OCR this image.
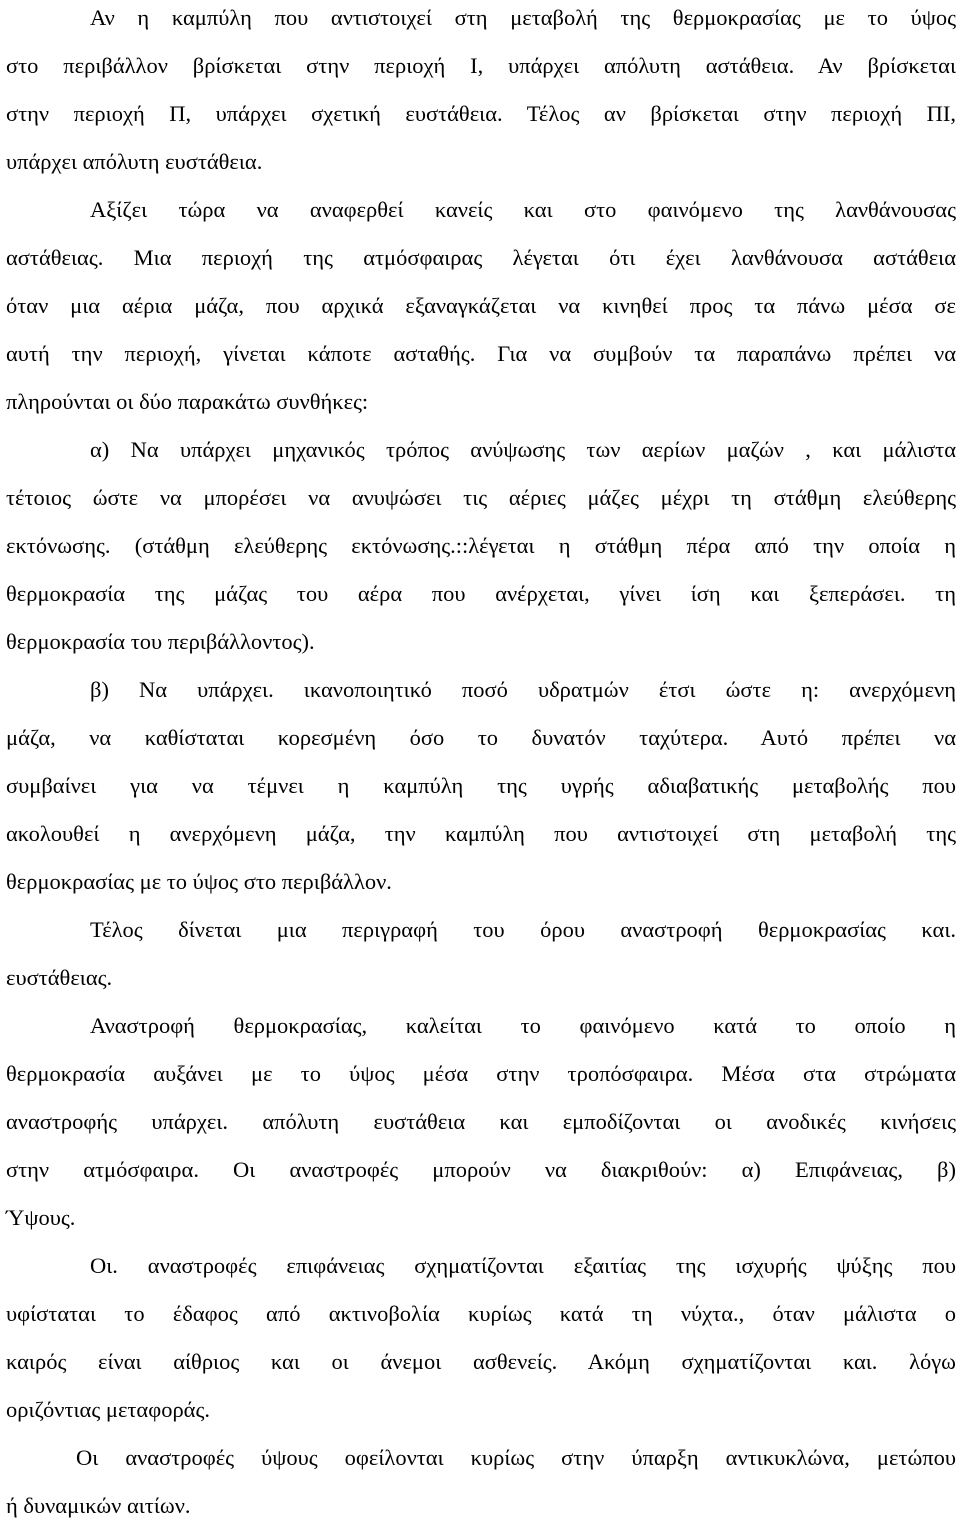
Αν η καμπύλη που αντιστοιχεί στη μεταβολή της θερμοκρασίας με το ύψος
στο περιβάλλον βρίσκεται στην περιοχή Ι, υπάρχει απόλυτη αστάθεια. Αν βρίσκεται
στην περιοχή Π, υπάρχει σχετική ευστάθεια. Τέλος αν βρίσκεται στην περιοχή ΠΙ,
υπάρχει απόλυτη ευστάθεια.
Αξίζει τώρα να αναφερθεί κανείς και στο φαινόμενο της λανθάνουσας
αστάθειας. Μια περιοχή της ατμόσφαιρας λέγεται ότι έχει λανθάνουσα αστάθεια
όταν μια αέρια μάζα, που αρχικά εξαναγκάζεται να κινηθεί προς τα πάνω μέσα σε
αυτή την περιοχή, γίνεται κάποτε ασταθής. Για να συμβούν τα παραπάνω πρέπει να
πληρούνται οι δύο παρακάτω συνθήκες:
α) Να υπάρχει μηχανικός τρόπος ανύψωσης των αερίων μαζών , και μάλιστα
τέτοιος ώστε να μπορέσει να ανυψώσει τις αέριες μάζες μέχρι τη στάθμη ελεύθερης
εκτόνωσης. (στάθμη ελεύθερης εκτόνωσης.::λέγεται η στάθμη πέρα από την οποία η
θερμοκρασία της μάζας του αέρα που ανέρχεται, γίνει ίση και ξεπεράσει. τη
θερμοκρασία του περιβάλλοντος).
β) Να υπάρχει. ικανοποιητικό ποσό υδρατμών έτσι ώστε η: ανερχόμενη
μάζα, να καθίσταται κορεσμένη όσο το δυνατόν ταχύτερα. Αυτό πρέπει να
συμβαίνει για να τέμνει η καμπύλη της υγρής αδιαβατικής μεταβολής που
ακολουθεί η ανερχόμενη μάζα, την καμπύλη που αντιστοιχεί στη μεταβολή της
θερμοκρασίας με το ύψος στο περιβάλλον.
Τέλος δίνεται μια περιγραφή του όρου αναστροφή θερμοκρασίας και.
ευστάθειας.
Αναστροφή θερμοκρασίας, καλείται το φαινόμενο κατά το οποίο η
θερμοκρασία αυξάνει με το ύψος μέσα στην τροπόσφαιρα. Μέσα στα στρώματα
αναστροφής υπάρχει. απόλυτη ευστάθεια και εμποδίζονται οι ανοδικές κινήσεις
στην ατμόσφαιρα. Οι αναστροφές μπορούν να διακριθούν: α) Επιφάνειας, β)
Ύψους.
Οι. αναστροφές επιφάνειας σχηματίζονται εξαιτίας της ισχυρής ψύξης που
υφίσταται το έδαφος από ακτινοβολία κυρίως κατά τη νύχτα., όταν μάλιστα ο
καιρός είναι αίθριος και οι άνεμοι ασθενείς. Ακόμη σχηματίζονται και. λόγω
οριζόντιας μεταφοράς.
Οι αναστροφές ύψους οφείλονται κυρίως στην ύπαρξη αντικυκλώνα, μετώπου
ή δυναμικών αιτίων.
